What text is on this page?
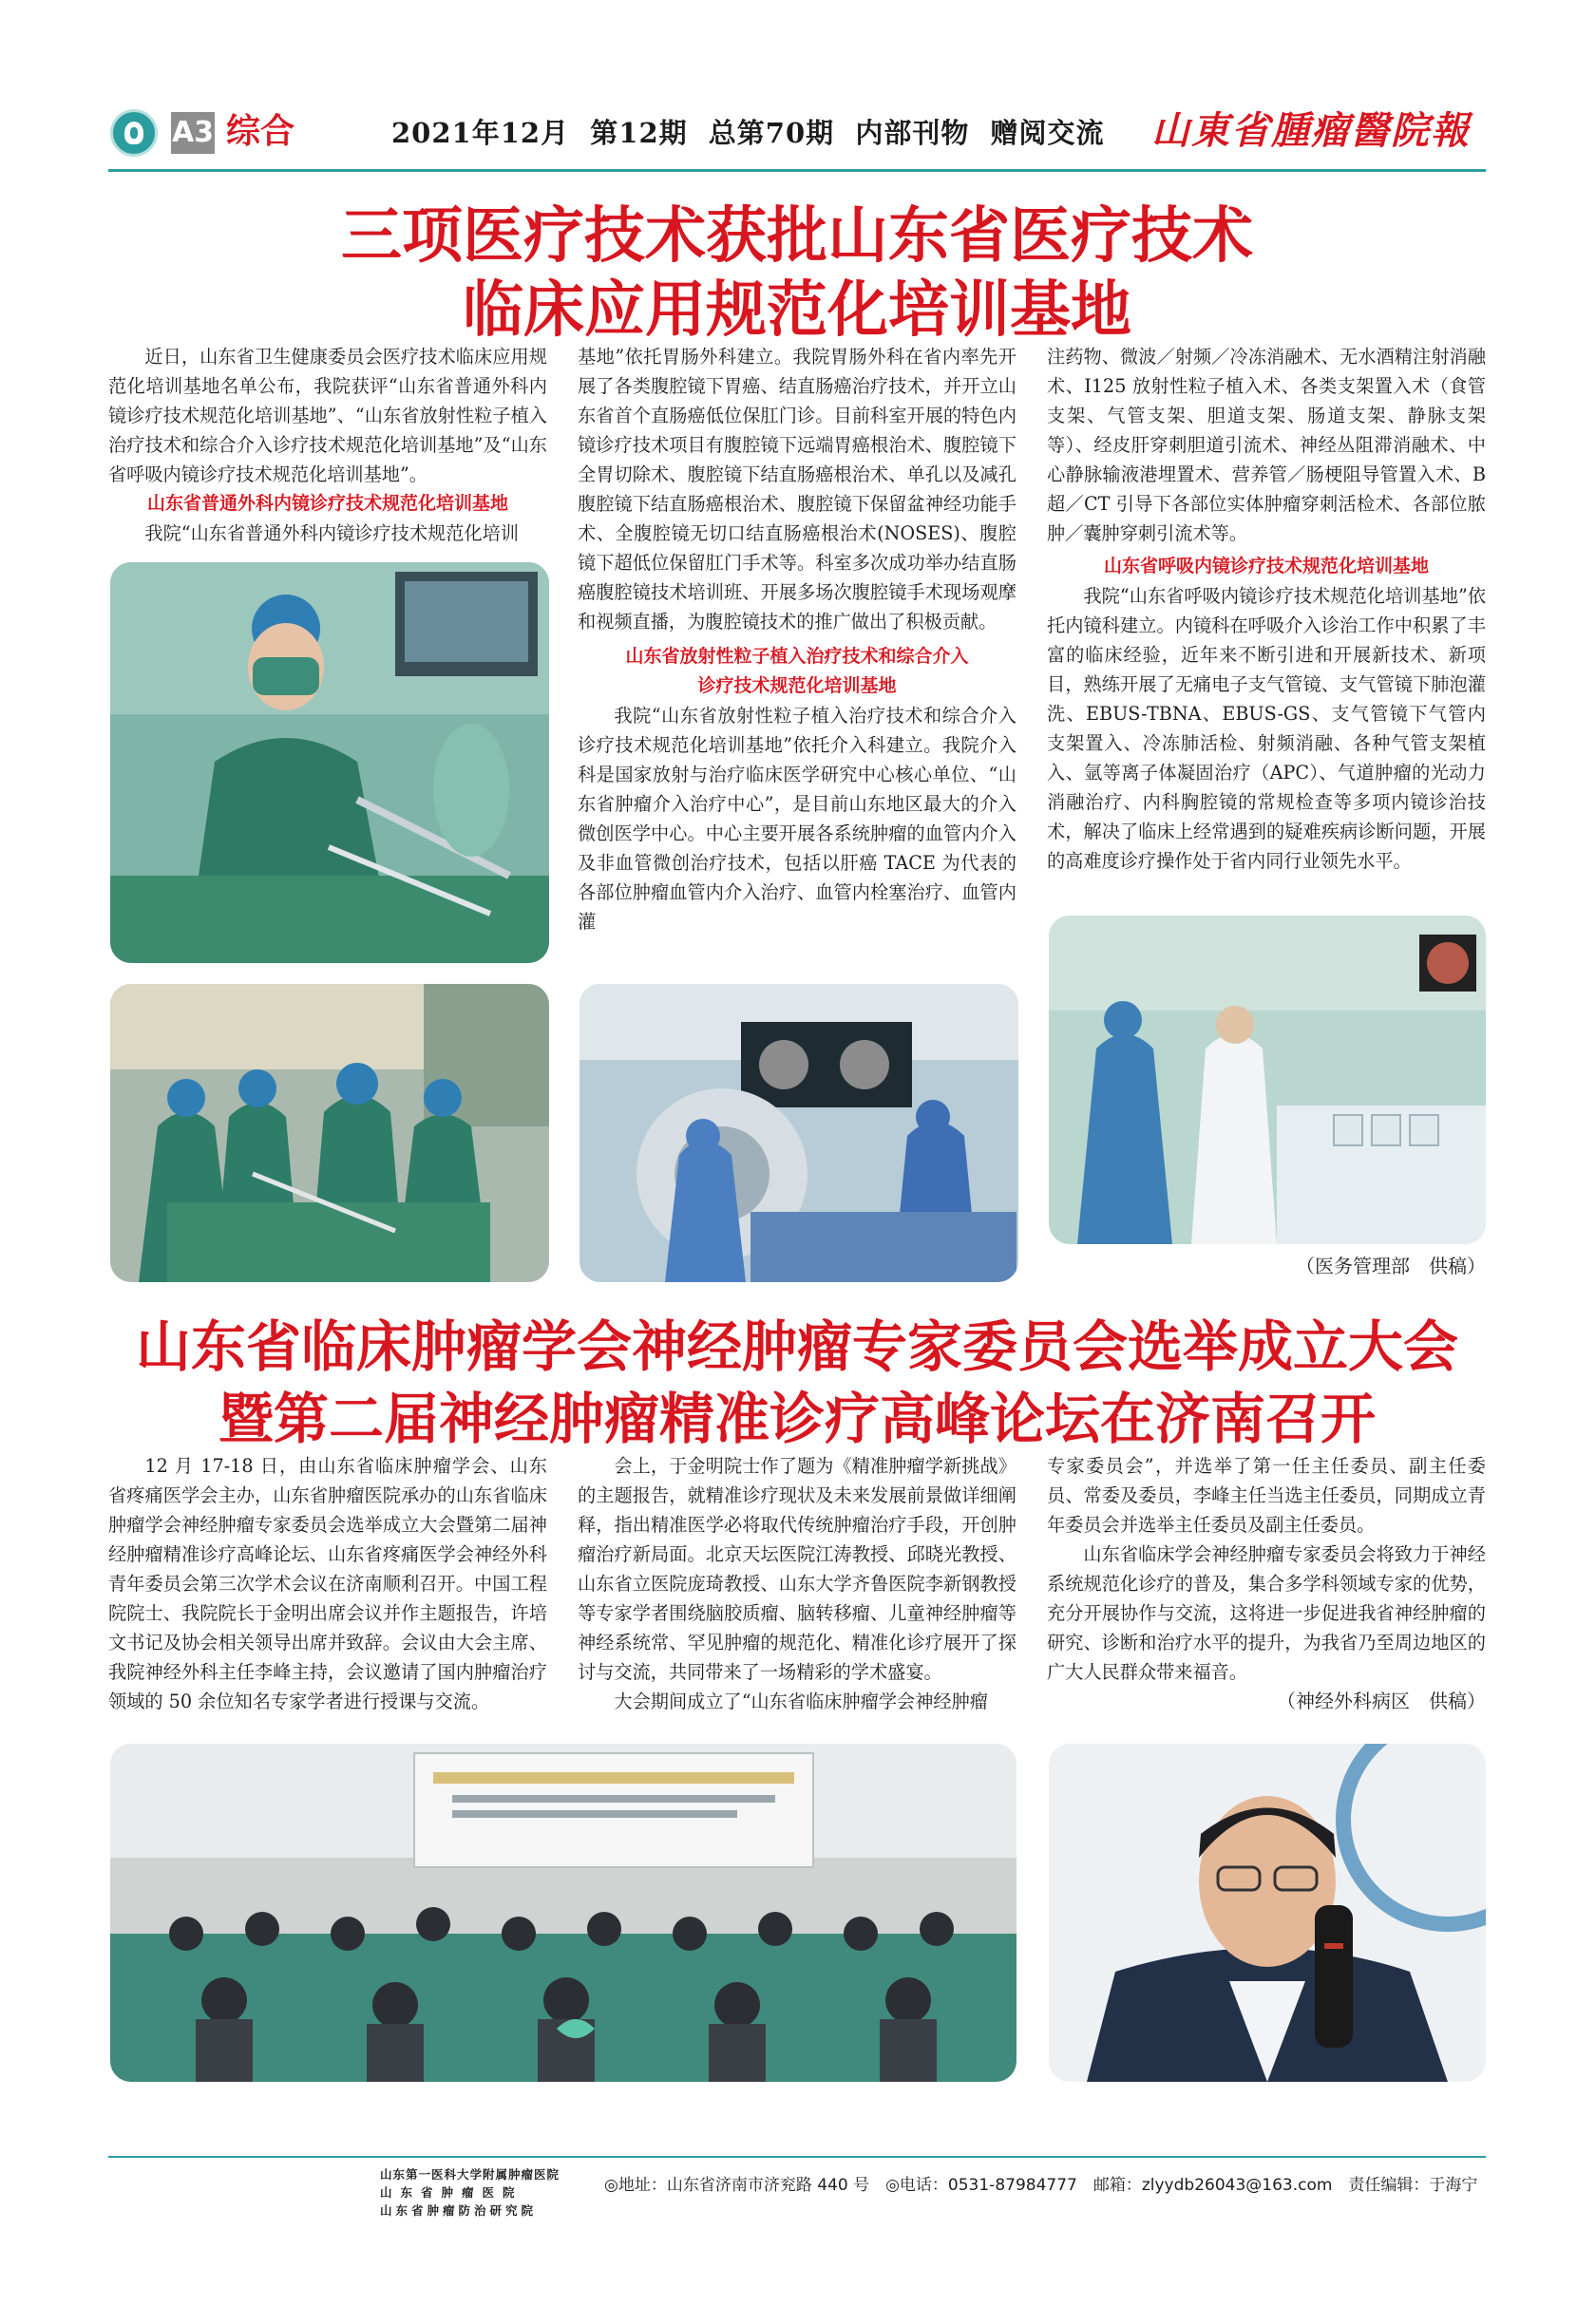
A3 综合	2021年12月  第12期  总第70期  内部刊物  赠阅交流 山東省腫瘤醫院報
三项医疗技术获批山东省医疗技术
临床应用规范化培训基地

近日，山东省卫生健康委员会医疗技术临床应用规范化培训基地名单公布，我院获评“山东省普通外科内镜诊疗技术规范化培训基地”、“山东省放射性粒子植入治疗技术和综合介入诊疗技术规范化培训基地”及“山东省呼吸内镜诊疗技术规范化培训基地”。

山东省普通外科内镜诊疗技术规范化培训基地

我院“山东省普通外科内镜诊疗技术规范化培训

基地”依托胃肠外科建立。我院胃肠外科在省内率先开展了各类腹腔镜下胃癌、结直肠癌治疗技术，并开立山东省首个直肠癌低位保肛门诊。目前科室开展的特色内镜诊疗技术项目有腹腔镜下远端胃癌根治术、腹腔镜下全胃切除术、腹腔镜下结直肠癌根治术、单孔以及减孔腹腔镜下结直肠癌根治术、腹腔镜下保留盆神经功能手术、全腹腔镜无切口结直肠癌根治术(NOSES)、腹腔镜下超低位保留肛门手术等。科室多次成功举办结直肠癌腹腔镜技术培训班、开展多场次腹腔镜手术现场观摩和视频直播，为腹腔镜技术的推广做出了积极贡献。

山东省放射性粒子植入治疗技术和综合介入

诊疗技术规范化培训基地

我院“山东省放射性粒子植入治疗技术和综合介入诊疗技术规范化培训基地”依托介入科建立。我院介入科是国家放射与治疗临床医学研究中心核心单位、“山东省肿瘤介入治疗中心”，是目前山东地区最大的介入微创医学中心。中心主要开展各系统肿瘤的血管内介入及非血管微创治疗技术，包括以肝癌 TACE 为代表的各部位肿瘤血管内介入治疗、血管内栓塞治疗、血管内灌

注药物、微波／射频／冷冻消融术、无水酒精注射消融术、I125 放射性粒子植入术、各类支架置入术（食管支架、气管支架、胆道支架、肠道支架、静脉支架等）、经皮肝穿刺胆道引流术、神经丛阻滞消融术、中心静脉输液港埋置术、营养管／肠梗阻导管置入术、B 超／CT 引导下各部位实体肿瘤穿刺活检术、各部位脓肿／囊肿穿刺引流术等。

山东省呼吸内镜诊疗技术规范化培训基地

我院“山东省呼吸内镜诊疗技术规范化培训基地”依托内镜科建立。内镜科在呼吸介入诊治工作中积累了丰富的临床经验，近年来不断引进和开展新技术、新项目，熟练开展了无痛电子支气管镜、支气管镜下肺泡灌洗、EBUS-TBNA、EBUS-GS、支气管镜下气管内支架置入、冷冻肺活检、射频消融、各种气管支架植入、氩等离子体凝固治疗（APC）、气道肿瘤的光动力消融治疗、内科胸腔镜的常规检查等多项内镜诊治技术，解决了临床上经常遇到的疑难疾病诊断问题，开展的高难度诊疗操作处于省内同行业领先水平。

（医务管理部　供稿）
山东省临床肿瘤学会神经肿瘤专家委员会选举成立大会
暨第二届神经肿瘤精准诊疗高峰论坛在济南召开

12 月 17-18 日，由山东省临床肿瘤学会、山东省疼痛医学会主办，山东省肿瘤医院承办的山东省临床肿瘤学会神经肿瘤专家委员会选举成立大会暨第二届神经肿瘤精准诊疗高峰论坛、山东省疼痛医学会神经外科青年委员会第三次学术会议在济南顺利召开。中国工程院院士、我院院长于金明出席会议并作主题报告，许培文书记及协会相关领导出席并致辞。会议由大会主席、我院神经外科主任李峰主持，会议邀请了国内肿瘤治疗领域的 50 余位知名专家学者进行授课与交流。

会上，于金明院士作了题为《精准肿瘤学新挑战》的主题报告，就精准诊疗现状及未来发展前景做详细阐释，指出精准医学必将取代传统肿瘤治疗手段，开创肿瘤治疗新局面。北京天坛医院江涛教授、邱晓光教授、山东省立医院庞琦教授、山东大学齐鲁医院李新钢教授等专家学者围绕脑胶质瘤、脑转移瘤、儿童神经肿瘤等神经系统常、罕见肿瘤的规范化、精准化诊疗展开了探讨与交流，共同带来了一场精彩的学术盛宴。

大会期间成立了“山东省临床肿瘤学会神经肿瘤

专家委员会”，并选举了第一任主任委员、副主任委员、常委及委员，李峰主任当选主任委员，同期成立青年委员会并选举主任委员及副主任委员。

山东省临床学会神经肿瘤专家委员会将致力于神经系统规范化诊疗的普及，集合多学科领域专家的优势，充分开展协作与交流，这将进一步促进我省神经肿瘤的研究、诊断和治疗水平的提升，为我省乃至周边地区的广大人民群众带来福音。

（神经外科病区　供稿）
山东第一医科大学附属肿瘤医院
山东省肿瘤医院
山东省肿瘤防治研究院
◎地址：山东省济南市济兖路 440 号　◎电话：0531-87984777　邮箱：zlyydb26043@163.com　责任编辑：于海宁
